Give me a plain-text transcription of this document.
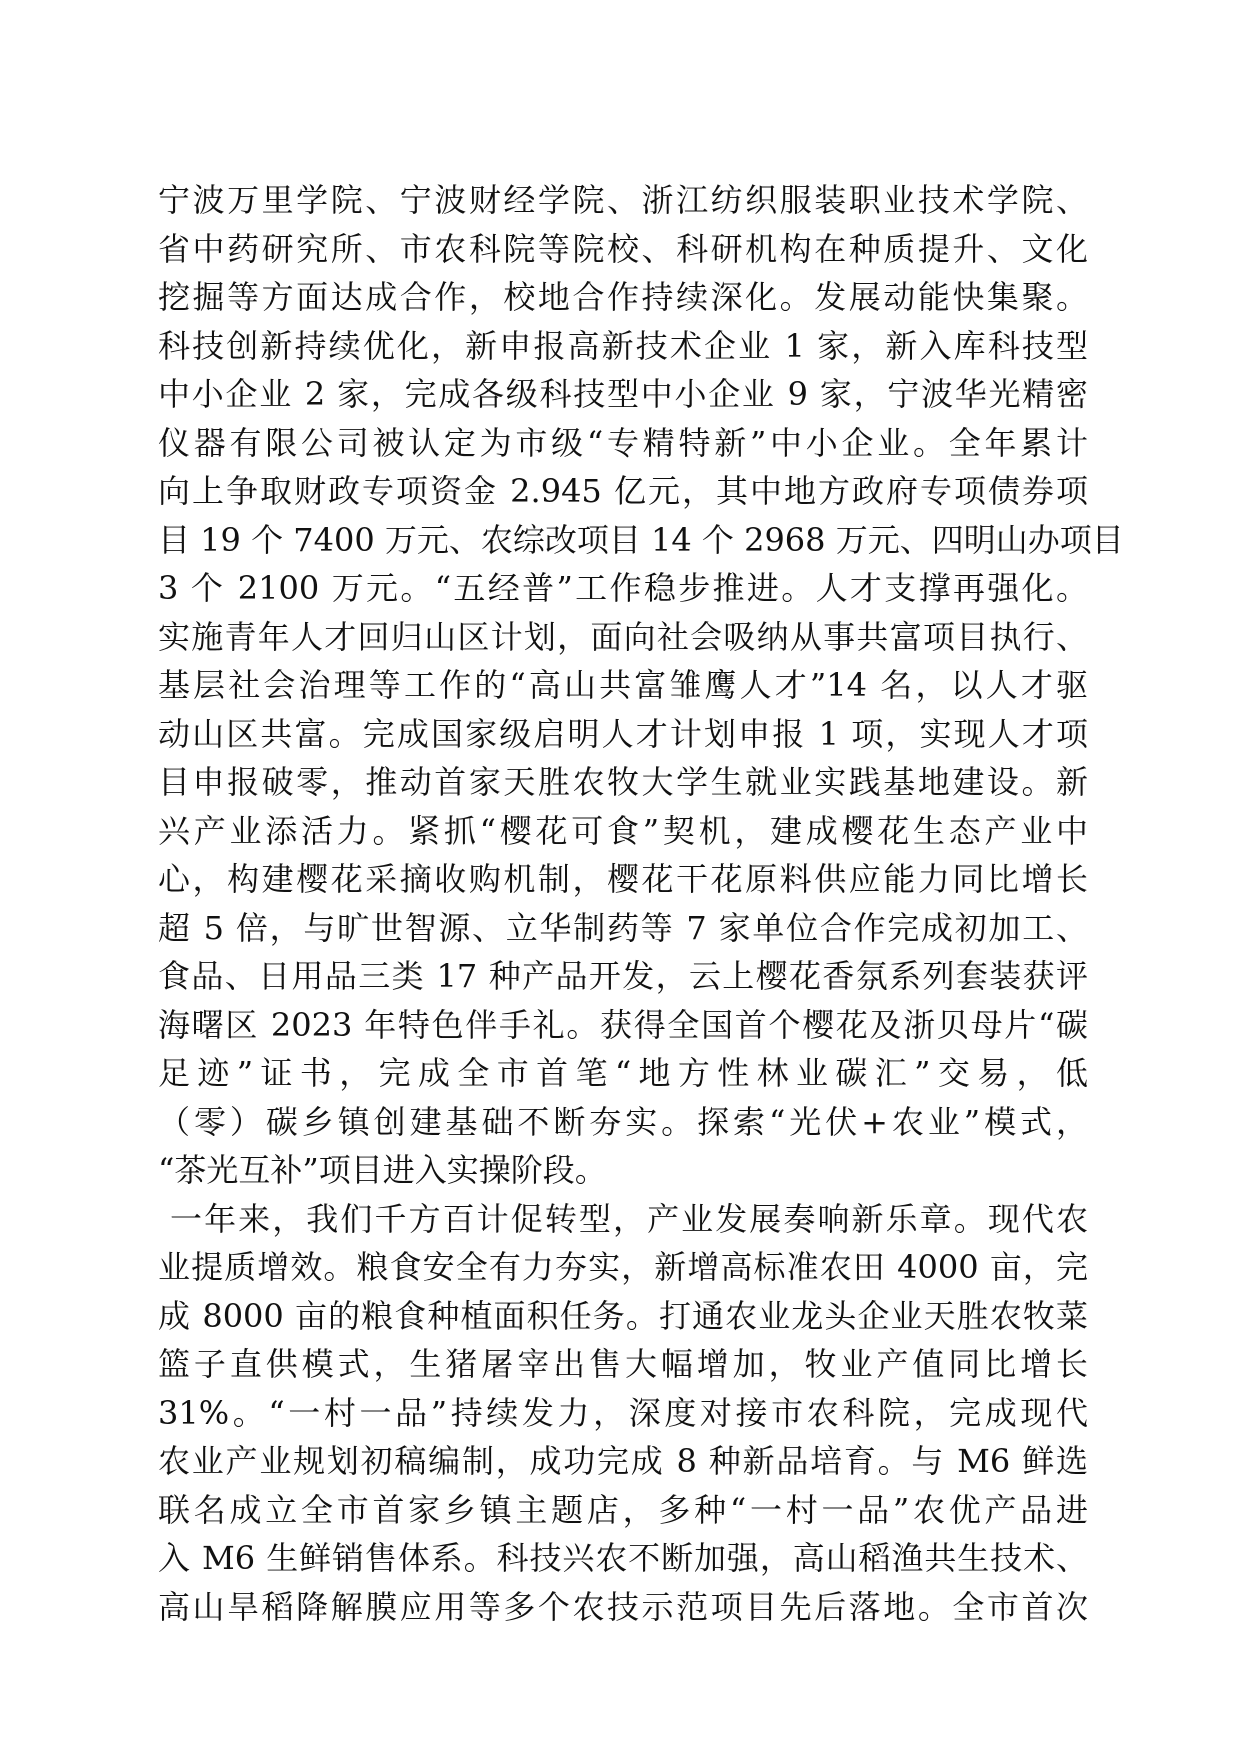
宁波万里学院、宁波财经学院、浙江纺织服装职业技术学院、
省中药研究所、市农科院等院校、科研机构在种质提升、文化
挖掘等方面达成合作，校地合作持续深化。发展动能快集聚。
科技创新持续优化，新申报高新技术企业 1 家，新入库科技型
中小企业 2 家，完成各级科技型中小企业 9 家，宁波华光精密
仪器有限公司被认定为市级“专精特新”中小企业。全年累计
向上争取财政专项资金 2.945 亿元，其中地方政府专项债券项
目 19 个 7400 万元、农综改项目 14 个 2968 万元、四明山办项目
3 个 2100 万元。“五经普”工作稳步推进。人才支撑再强化。
实施青年人才回归山区计划，面向社会吸纳从事共富项目执行、
基层社会治理等工作的“高山共富雏鹰人才”14 名，以人才驱
动山区共富。完成国家级启明人才计划申报 1 项，实现人才项
目申报破零，推动首家天胜农牧大学生就业实践基地建设。新
兴产业添活力。紧抓“樱花可食”契机，建成樱花生态产业中
心，构建樱花采摘收购机制，樱花干花原料供应能力同比增长
超 5 倍，与旷世智源、立华制药等 7 家单位合作完成初加工、
食品、日用品三类 17 种产品开发，云上樱花香氛系列套装获评
海曙区 2023 年特色伴手礼。获得全国首个樱花及浙贝母片“碳
足迹”证书，完成全市首笔“地方性林业碳汇”交易，低
（零）碳乡镇创建基础不断夯实。探索“光伏+农业”模式，
“茶光互补”项目进入实操阶段。
一年来，我们千方百计促转型，产业发展奏响新乐章。现代农
业提质增效。粮食安全有力夯实，新增高标准农田 4000 亩，完
成 8000 亩的粮食种植面积任务。打通农业龙头企业天胜农牧菜
篮子直供模式，生猪屠宰出售大幅增加，牧业产值同比增长
31%。“一村一品”持续发力，深度对接市农科院，完成现代
农业产业规划初稿编制，成功完成 8 种新品培育。与 M6 鲜选
联名成立全市首家乡镇主题店，多种“一村一品”农优产品进
入 M6 生鲜销售体系。科技兴农不断加强，高山稻渔共生技术、
高山旱稻降解膜应用等多个农技示范项目先后落地。全市首次
